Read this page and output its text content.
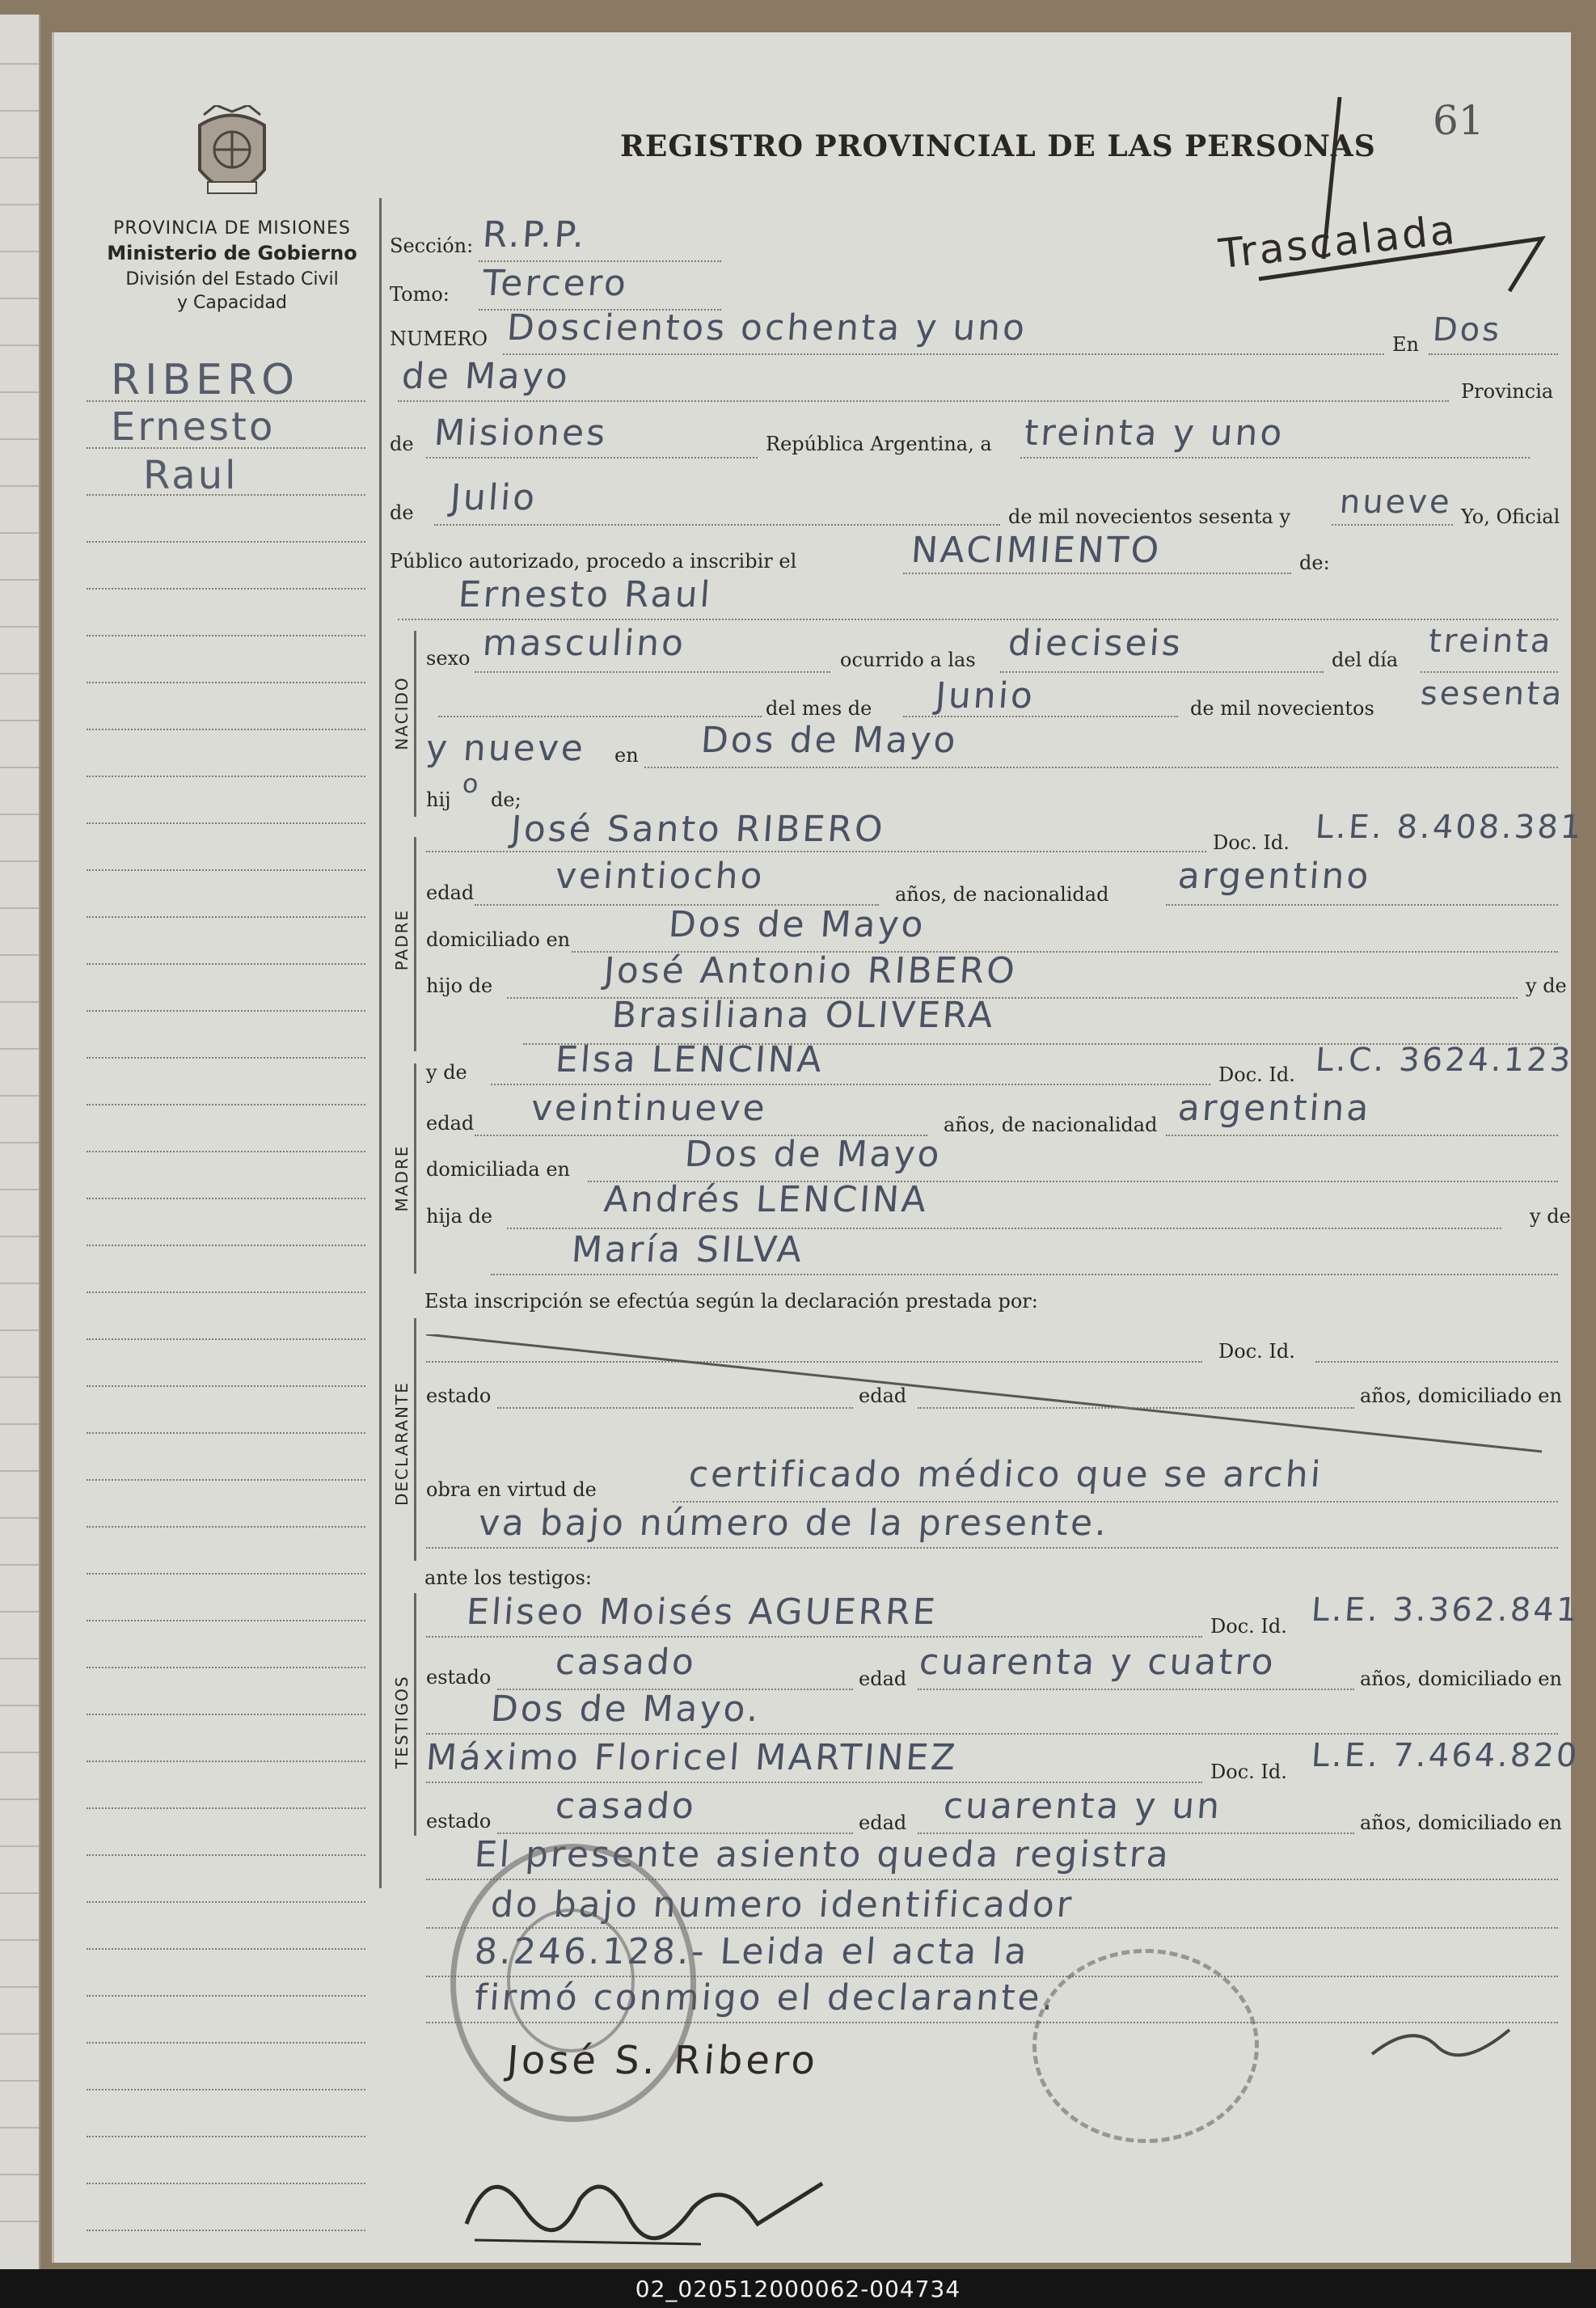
PROVINCIA DE MISIONES
Ministerio de Gobierno
División del Estado Civil
y Capacidad
REGISTRO PROVINCIAL DE LAS PERSONAS
61
Trascalada
RIBERO
Ernesto
Raul
Sección: R.P.P.
Tomo: Tercero
NUMERO Doscientos ochenta y uno	En Dos
de Mayo	Provincia
de Misiones	República Argentina, a treinta y uno
de Julio	de mil novecientos sesenta y nueve Yo, Oficial
Público autorizado, procedo a inscribir el	NACIMIENTO	de:
Ernesto Raul
NACIDO
sexo masculino	ocurrido a las dieciseis	del día treinta
del mes de Junio	de mil novecientos sesenta
y nueve en Dos de Mayo
hij
o
de;
PADRE
José Santo RIBERO	Doc. Id. L.E. 8.408.381
edad veintiocho	años, de nacionalidad argentino
domiciliado en	Dos de Mayo
hijo de	José Antonio RIBERO	y de
Brasiliana OLIVERA
MADRE
y de Elsa LENCINA	Doc. Id. L.C. 3624.123
edad veintinueve	años, de nacionalidad argentina
domiciliada en	Dos de Mayo
hija de	Andrés LENCINA	y de
María SILVA
Esta inscripción se efectúa según la declaración prestada por:
DECLARANTE
Doc. Id.
estado	edad	años, domiciliado en
obra en virtud de	certificado médico que se archi
va bajo número de la presente.
ante los testigos:
TESTIGOS
Eliseo Moisés AGUERRE	Doc. Id. L.E. 3.362.841
estado casado	edad cuarenta y cuatro	años, domiciliado en
Dos de Mayo.
Máximo Floricel MARTINEZ	Doc. Id. L.E. 7.464.820
estado casado	edad cuarenta y un	años, domiciliado en
El presente asiento queda registra
do bajo numero identificador
8.246.128.- Leida el acta la
firmó conmigo el declarante.
José S. Ribero
02_020512000062-004734
